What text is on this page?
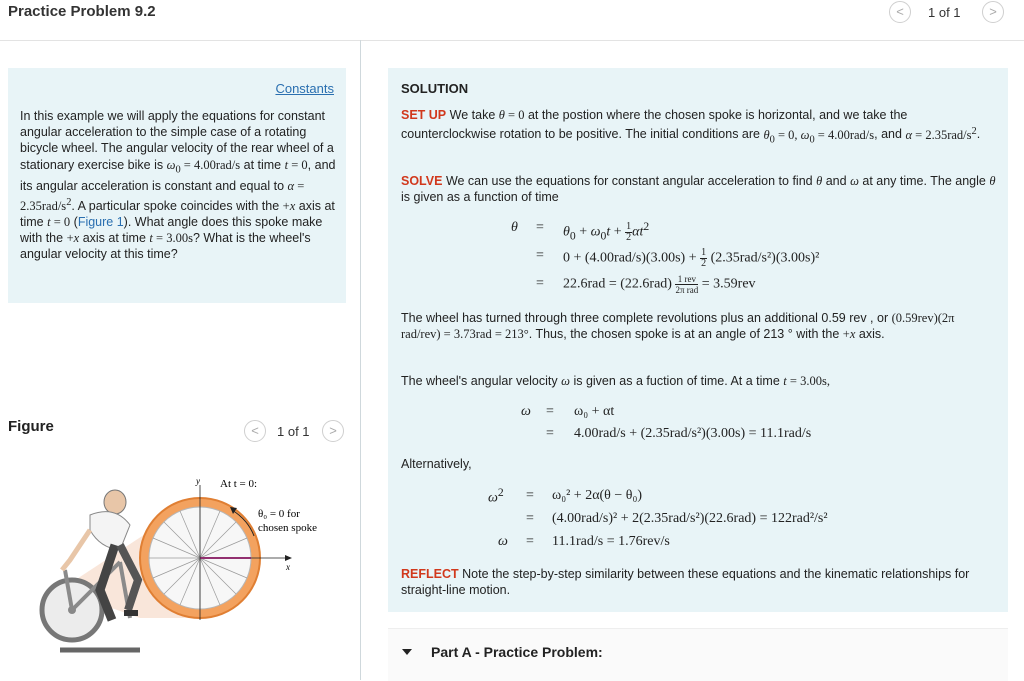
Practice Problem 9.2	<	1 of 1	>
Constants
In this example we will apply the equations for constant angular acceleration to the simple case of a rotating bicycle wheel. The angular velocity of the rear wheel of a stationary exercise bike is $\omega_0 = 4.00rad/s$ at time t = 0, and its angular acceleration is constant and equal to $\alpha = 2.35rad/s^2$. A particular spoke coincides with the +x axis at time t = 0 (Figure 1). What angle does this spoke make with the +x axis at time t = 3.00s? What is the wheel's angular velocity at this time?
Figure	<	1 of 1	>
y
x
At t = 0:
θ₀ = 0 for
chosen spoke
SOLUTION
SET UP We take θ = 0 at the postion where the chosen spoke is horizontal, and we take the counterclockwise rotation to be positive. The initial conditions are $\theta_0 = 0$, $\omega_0 = 4.00rad/s$, and $\alpha = 2.35rad/s^2$.
SOLVE We can use the equations for constant angular acceleration to find θ and ω at any time. The angle θ is given as a function of time
$\theta = \theta_0 + \omega_0t + \frac{1}{2} \alpha t^2$
= $0 + (4.00rad/s)(3.00s) + \frac{1}{2} (2.35rad/s^2)(3.00s)^2$
= $22.6rad = (22.6rad) \frac{\text{1 rev}}{\text{2π rad}} = 3.59rev$
The wheel has turned through three complete revolutions plus an additional 0.59 rev , or (0.59rev)(2π rad/rev) = 3.73rad = 213°. Thus, the chosen spoke is at an angle of 213 ° with the +x axis.
The wheel's angular velocity ω is given as a fuction of time. At a time t = 3.00s,
ω = ω₀ + αt
= 4.00rad/s + (2.35rad/s²)(3.00s) = 11.1rad/s
Alternatively,
$\omega^2 = \omega_0^2 + 2\alpha(\theta - \theta_0)$
= (4.00rad/s)² + 2(2.35rad/s²)(22.6rad) = 122rad²/s²
ω = 11.1rad/s = 1.76rev/s
REFLECT Note the step-by-step similarity between these equations and the kinematic relationships for straight-line motion.
Part A - Practice Problem:
